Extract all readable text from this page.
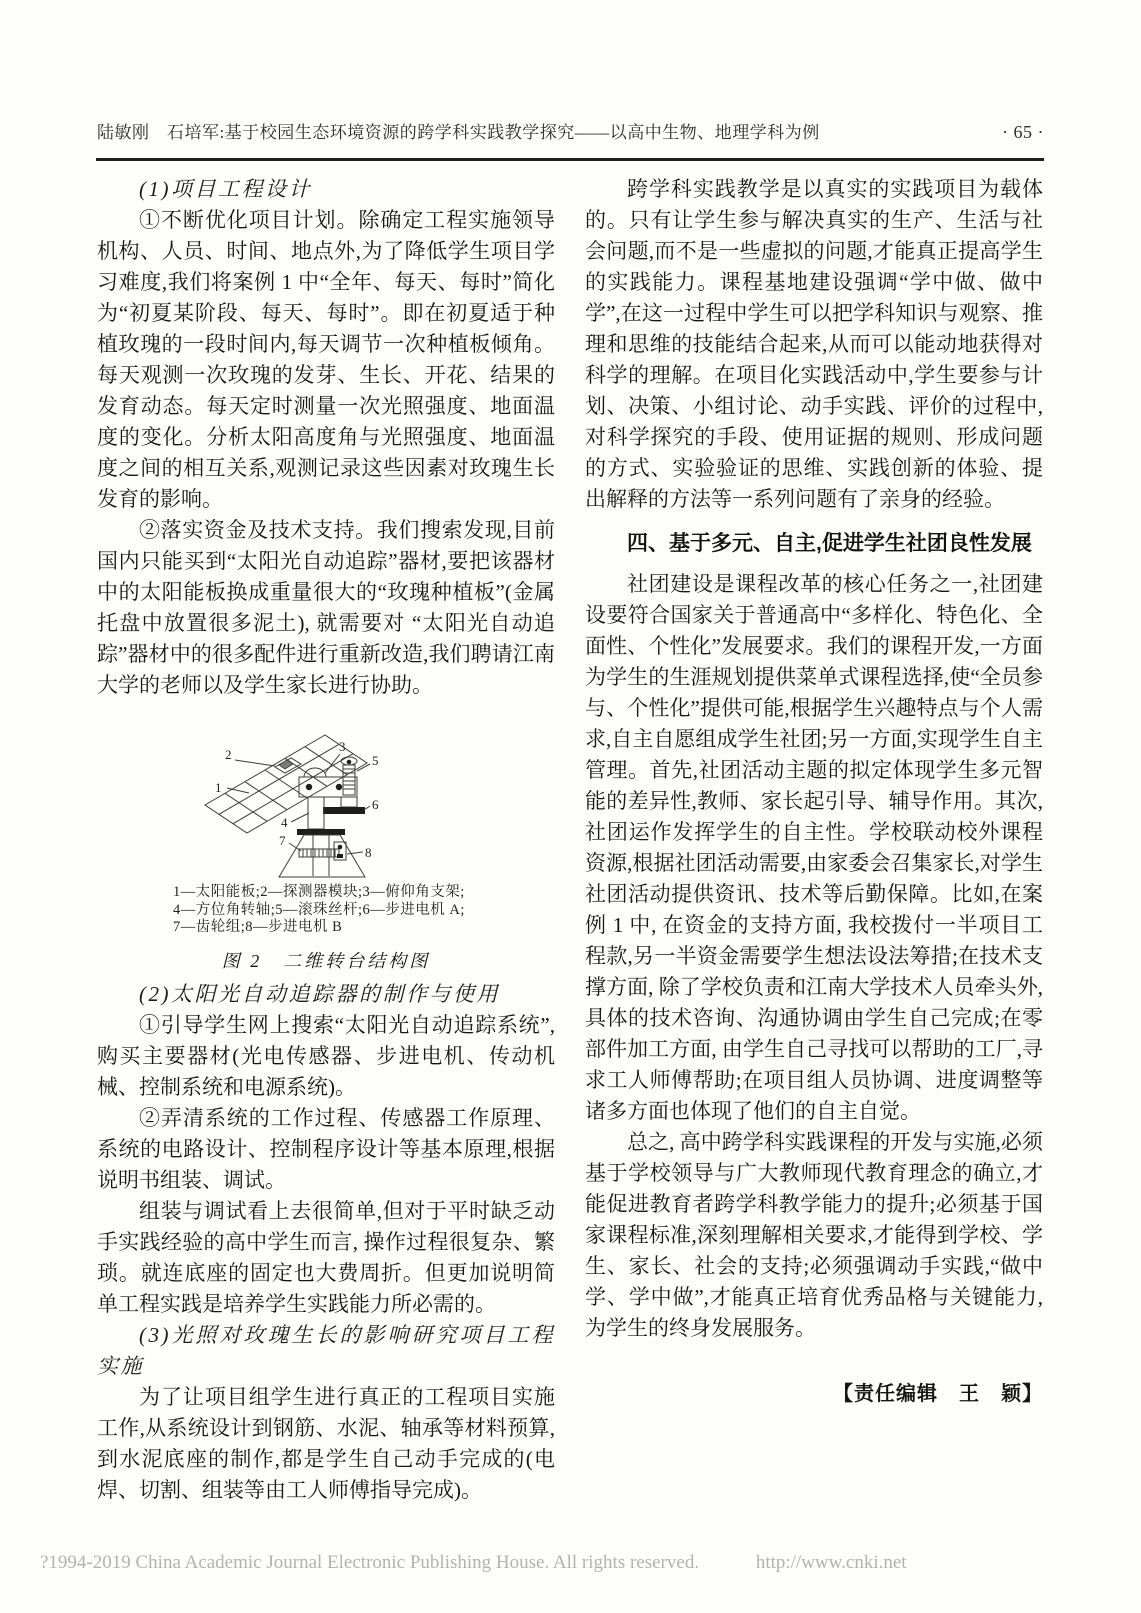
陆敏刚　石培军:基于校园生态环境资源的跨学科实践教学探究——以高中生物、地理学科为例	· 65 ·

(1)项目工程设计

①不断优化项目计划。除确定工程实施领导机构、人员、时间、地点外,为了降低学生项目学习难度,我们将案例 1 中“全年、每天、每时”简化为“初夏某阶段、每天、每时”。即在初夏适于种植玫瑰的一段时间内,每天调节一次种植板倾角。每天观测一次玫瑰的发芽、生长、开花、结果的发育动态。每天定时测量一次光照强度、地面温度的变化。分析太阳高度角与光照强度、地面温度之间的相互关系,观测记录这些因素对玫瑰生长发育的影响。

②落实资金及技术支持。我们搜索发现,目前国内只能买到“太阳光自动追踪”器材,要把该器材中的太阳能板换成重量很大的“玫瑰种植板”(金属托盘中放置很多泥土), 就需要对 “太阳光自动追踪”器材中的很多配件进行重新改造,我们聘请江南大学的老师以及学生家长进行协助。

1
2
3
4
5
6
7
8
1—太阳能板;2—探测器模块;3—俯仰角支架;
4—方位角转轴;5—滚珠丝杆;6—步进电机 A;
7—齿轮组;8—步进电机 B
图 2　二维转台结构图

(2)太阳光自动追踪器的制作与使用

①引导学生网上搜索“太阳光自动追踪系统”,购买主要器材(光电传感器、步进电机、传动机械、控制系统和电源系统)。

②弄清系统的工作过程、传感器工作原理、系统的电路设计、控制程序设计等基本原理,根据说明书组装、调试。

组装与调试看上去很简单,但对于平时缺乏动手实践经验的高中学生而言, 操作过程很复杂、繁琐。就连底座的固定也大费周折。但更加说明简单工程实践是培养学生实践能力所必需的。

(3)光照对玫瑰生长的影响研究项目工程实施

为了让项目组学生进行真正的工程项目实施工作,从系统设计到钢筋、水泥、轴承等材料预算,到水泥底座的制作,都是学生自己动手完成的(电焊、切割、组装等由工人师傅指导完成)。

跨学科实践教学是以真实的实践项目为载体的。只有让学生参与解决真实的生产、生活与社会问题,而不是一些虚拟的问题,才能真正提高学生的实践能力。课程基地建设强调“学中做、做中学”,在这一过程中学生可以把学科知识与观察、推理和思维的技能结合起来,从而可以能动地获得对科学的理解。在项目化实践活动中,学生要参与计划、决策、小组讨论、动手实践、评价的过程中,对科学探究的手段、使用证据的规则、形成问题的方式、实验验证的思维、实践创新的体验、提出解释的方法等一系列问题有了亲身的经验。

四、基于多元、自主,促进学生社团良性发展

社团建设是课程改革的核心任务之一,社团建设要符合国家关于普通高中“多样化、特色化、全面性、个性化”发展要求。我们的课程开发,一方面为学生的生涯规划提供菜单式课程选择,使“全员参与、个性化”提供可能,根据学生兴趣特点与个人需求,自主自愿组成学生社团;另一方面,实现学生自主管理。首先,社团活动主题的拟定体现学生多元智能的差异性,教师、家长起引导、辅导作用。其次,社团运作发挥学生的自主性。学校联动校外课程资源,根据社团活动需要,由家委会召集家长,对学生社团活动提供资讯、技术等后勤保障。比如,在案例 1 中, 在资金的支持方面, 我校拨付一半项目工程款,另一半资金需要学生想法设法筹措;在技术支撑方面, 除了学校负责和江南大学技术人员牵头外,具体的技术咨询、沟通协调由学生自己完成;在零部件加工方面, 由学生自己寻找可以帮助的工厂,寻求工人师傅帮助;在项目组人员协调、进度调整等诸多方面也体现了他们的自主自觉。

总之, 高中跨学科实践课程的开发与实施,必须基于学校领导与广大教师现代教育理念的确立,才能促进教育者跨学科教学能力的提升;必须基于国家课程标准,深刻理解相关要求,才能得到学校、学生、家长、社会的支持;必须强调动手实践,“做中学、学中做”,才能真正培育优秀品格与关键能力,为学生的终身发展服务。

【责任编辑　王　颖】
?1994-2019 China Academic Journal Electronic Publishing House. All rights reserved.	http://www.cnki.net
